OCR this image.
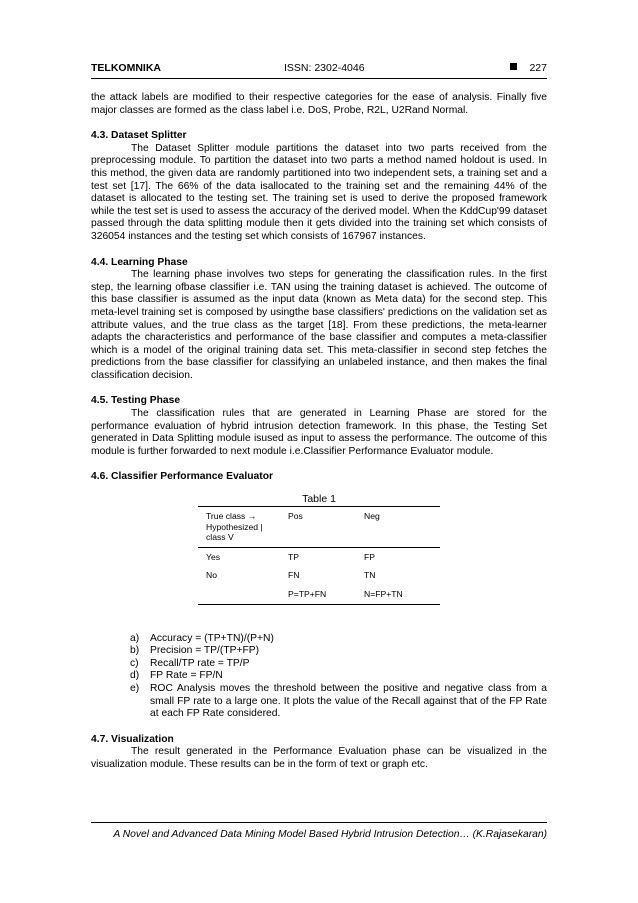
TELKOMNIKA	ISSN: 2302-4046	227

the attack labels are modified to their respective categories for the ease of analysis. Finally five major classes are formed as the class label i.e. DoS, Probe, R2L, U2Rand Normal.

4.3. Dataset Splitter

The Dataset Splitter module partitions the dataset into two parts received from the preprocessing module. To partition the dataset into two parts a method named holdout is used. In this method, the given data are randomly partitioned into two independent sets, a training set and a test set [17]. The 66% of the data isallocated to the training set and the remaining 44% of the dataset is allocated to the testing set. The training set is used to derive the proposed framework while the test set is used to assess the accuracy of the derived model. When the KddCup'99 dataset passed through the data splitting module then it gets divided into the training set which consists of 326054 instances and the testing set which consists of 167967 instances.

4.4. Learning Phase

The learning phase involves two steps for generating the classification rules. In the first step, the learning ofbase classifier i.e. TAN using the training dataset is achieved. The outcome of this base classifier is assumed as the input data (known as Meta data) for the second step. This meta-level training set is composed by usingthe base classifiers' predictions on the validation set as attribute values, and the true class as the target [18]. From these predictions, the meta-learner adapts the characteristics and performance of the base classifier and computes a meta-classifier which is a model of the original training data set. This meta-classifier in second step fetches the predictions from the base classifier for classifying an unlabeled instance, and then makes the final classification decision.

4.5. Testing Phase

The classification rules that are generated in Learning Phase are stored for the performance evaluation of hybrid intrusion detection framework. In this phase, the Testing Set generated in Data Splitting module isused as input to assess the performance. The outcome of this module is further forwarded to next module i.e.Classifier Performance Evaluator module.

4.6. Classifier Performance Evaluator
Table 1
True class → Hypothesized | class V	Pos	Neg
Yes	TP	FP
No	FN	TN
	P=TP+FN	N=FP+TN
a) Accuracy = (TP+TN)/(P+N)
b) Precision = TP/(TP+FP)
c) Recall/TP rate = TP/P
d) FP Rate = FP/N
e) ROC Analysis moves the threshold between the positive and negative class from a small FP rate to a large one. It plots the value of the Recall against that of the FP Rate at each FP Rate considered.
4.7. Visualization

The result generated in the Performance Evaluation phase can be visualized in the visualization module. These results can be in the form of text or graph etc.

A Novel and Advanced Data Mining Model Based Hybrid Intrusion Detection… (K.Rajasekaran)
